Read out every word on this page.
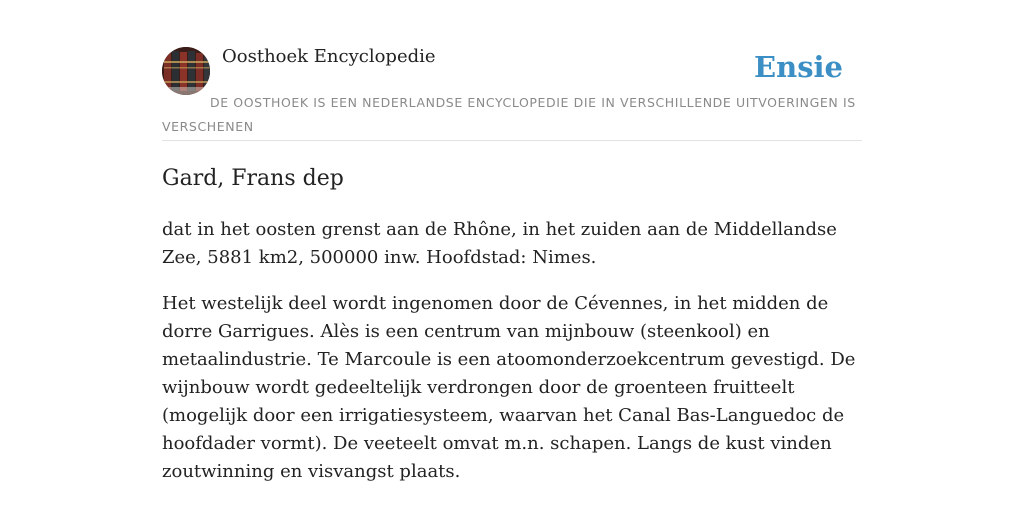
Oosthoek Encyclopedie	Ensie
DE OOSTHOEK IS EEN NEDERLANDSE ENCYCLOPEDIE DIE IN VERSCHILLENDE UITVOERINGEN IS VERSCHENEN
Gard, Frans dep

dat in het oosten grenst aan de Rhône, in het zuiden aan de Middellandse Zee, 5881 km2, 500000 inw. Hoofdstad: Nimes.

Het westelijk deel wordt ingenomen door de Cévennes, in het midden de dorre Garrigues. Alès is een centrum van mijnbouw (steenkool) en metaalindustrie. Te Marcoule is een atoomonderzoekcentrum gevestigd. De wijnbouw wordt gedeeltelijk verdrongen door de groenteen fruitteelt (mogelijk door een irrigatiesysteem, waarvan het Canal Bas-Languedoc de hoofdader vormt). De veeteelt omvat m.n. schapen. Langs de kust vinden zoutwinning en visvangst plaats.
